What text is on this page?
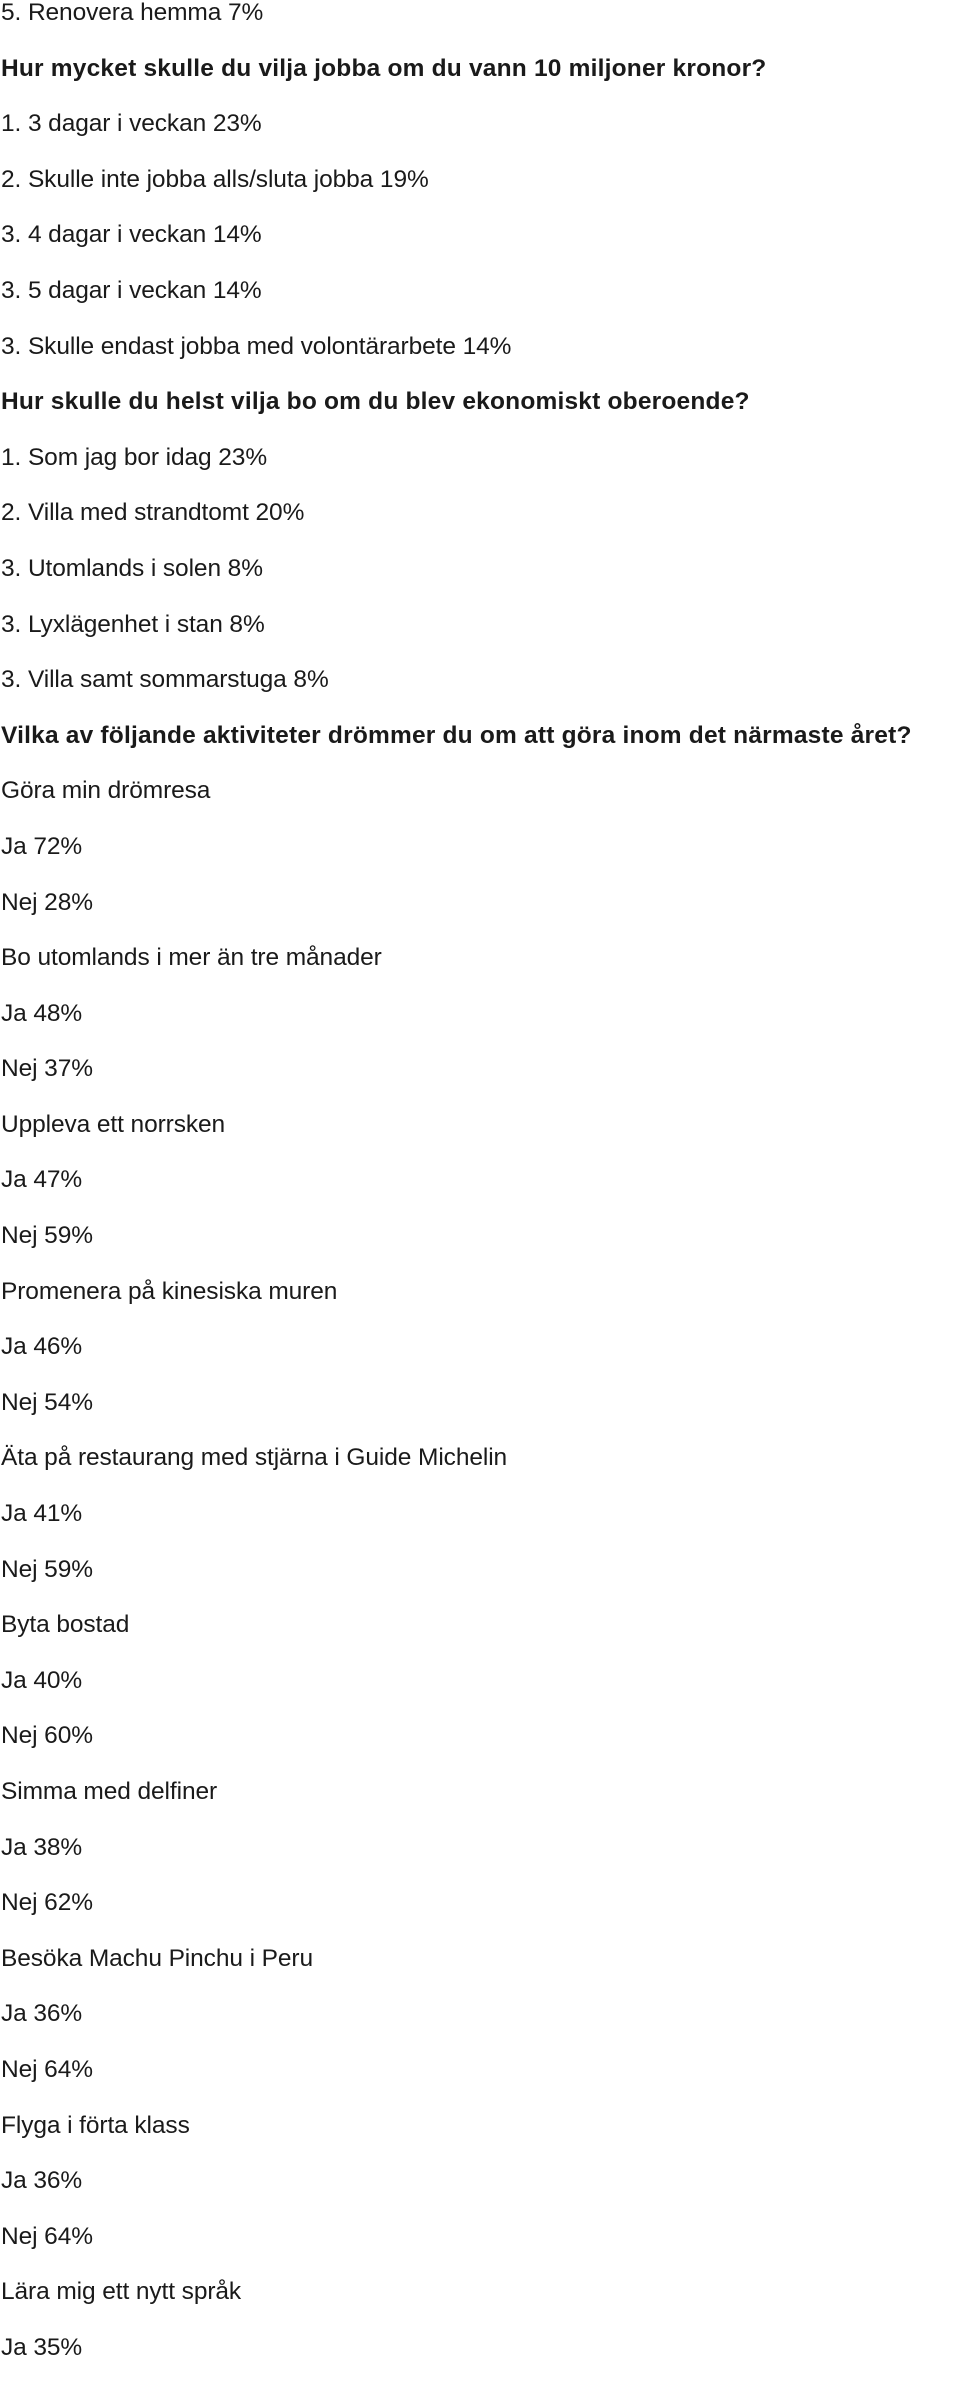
5. Renovera hemma 7%
Hur mycket skulle du vilja jobba om du vann 10 miljoner kronor?
1. 3 dagar i veckan 23%
2. Skulle inte jobba alls/sluta jobba 19%
3. 4 dagar i veckan 14%
3. 5 dagar i veckan 14%
3. Skulle endast jobba med volontärarbete 14%
Hur skulle du helst vilja bo om du blev ekonomiskt oberoende?
1. Som jag bor idag 23%
2. Villa med strandtomt 20%
3. Utomlands i solen 8%
3. Lyxlägenhet i stan 8%
3. Villa samt sommarstuga 8%
Vilka av följande aktiviteter drömmer du om att göra inom det närmaste året?
Göra min drömresa
Ja 72%
Nej 28%
Bo utomlands i mer än tre månader
Ja 48%
Nej 37%
Uppleva ett norrsken
Ja 47%
Nej 59%
Promenera på kinesiska muren
Ja 46%
Nej 54%
Äta på restaurang med stjärna i Guide Michelin
Ja 41%
Nej 59%
Byta bostad
Ja 40%
Nej 60%
Simma med delfiner
Ja 38%
Nej 62%
Besöka Machu Pinchu i Peru
Ja 36%
Nej 64%
Flyga i förta klass
Ja 36%
Nej 64%
Lära mig ett nytt språk
Ja 35%
